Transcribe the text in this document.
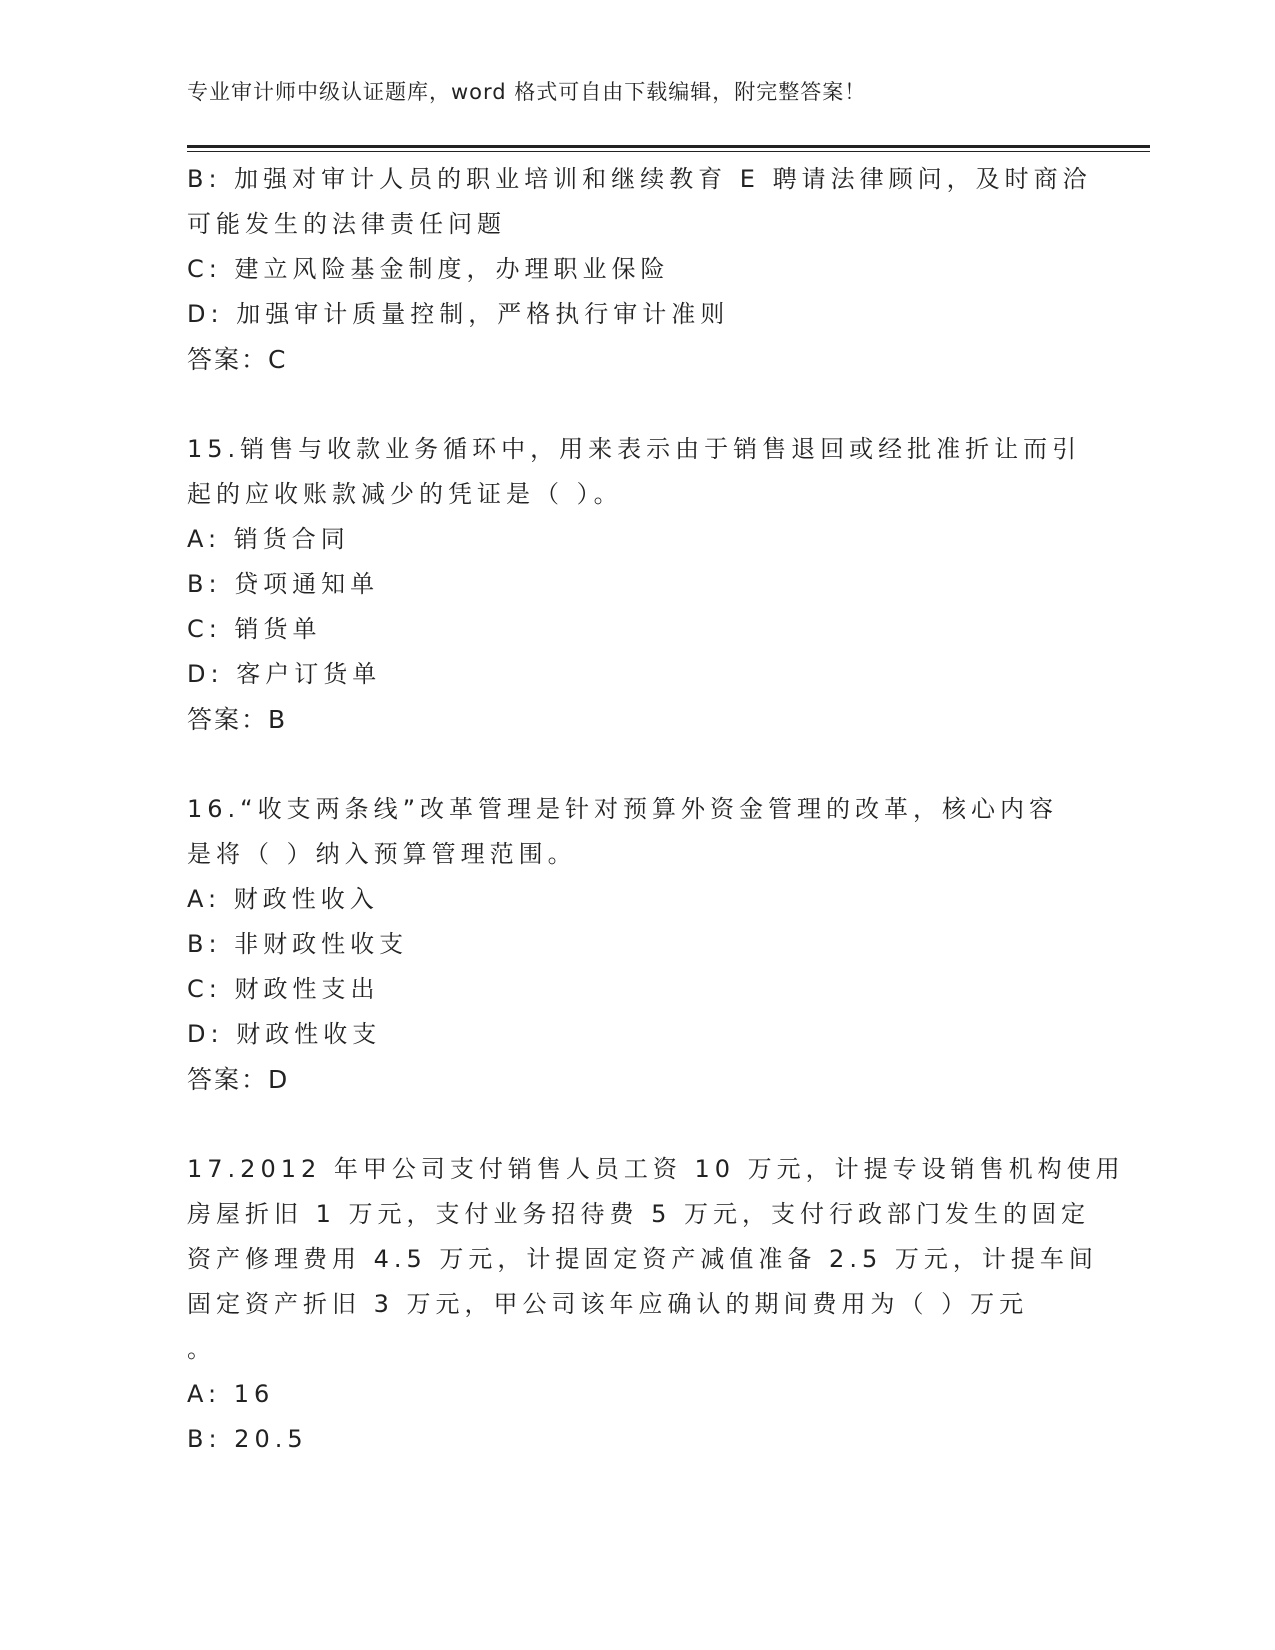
专业审计师中级认证题库，word 格式可自由下载编辑，附完整答案！
B: 加强对审计人员的职业培训和继续教育 E 聘请法律顾问，及时商洽
可能发生的法律责任问题
C: 建立风险基金制度，办理职业保险
D: 加强审计质量控制，严格执行审计准则
答案：C
15.销售与收款业务循环中，用来表示由于销售退回或经批准折让而引
起的应收账款减少的凭证是（ ）。
A: 销货合同
B: 贷项通知单
C: 销货单
D: 客户订货单
答案：B
16.“收支两条线”改革管理是针对预算外资金管理的改革，核心内容
是将（ ）纳入预算管理范围。
A: 财政性收入
B: 非财政性收支
C: 财政性支出
D: 财政性收支
答案：D
17.2012 年甲公司支付销售人员工资 10 万元，计提专设销售机构使用
房屋折旧 1 万元，支付业务招待费 5 万元，支付行政部门发生的固定
资产修理费用 4.5 万元，计提固定资产减值准备 2.5 万元，计提车间
固定资产折旧 3 万元，甲公司该年应确认的期间费用为（ ）万元
。
A: 16
B: 20.5
